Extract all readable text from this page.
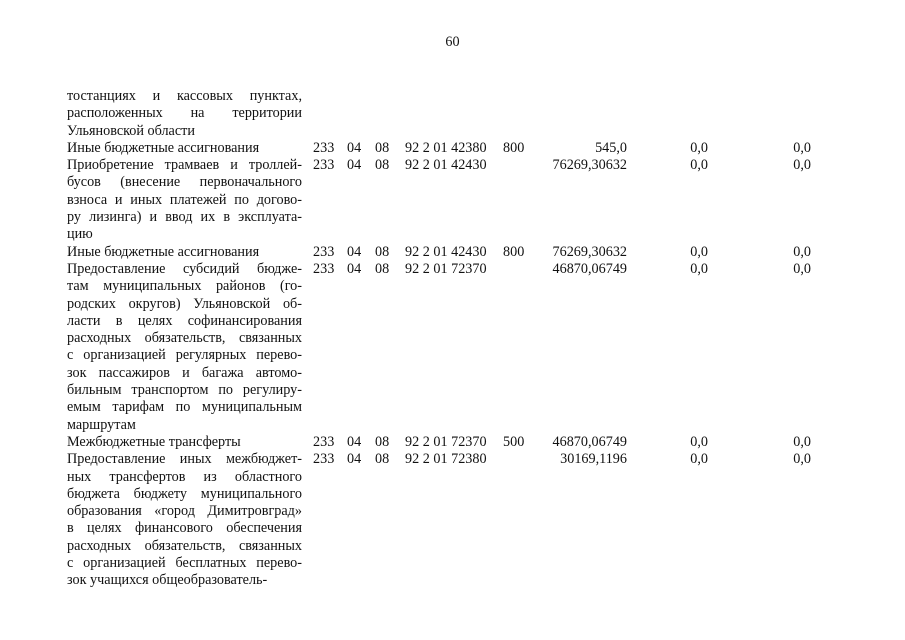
60
тостанциях и кассовых пунктах,
расположенных на территории
Ульяновской области
Иные бюджетные ассигнования	233 04 08 92 2 01 42380 800	545,0	0,0	0,0
Приобретение трамваев и троллей-
бусов (внесение первоначального
взноса и иных платежей по догово-
ру лизинга) и ввод их в эксплуата-
цию
233 04 08 92 2 01 42430	76269,30632	0,0	0,0
Иные бюджетные ассигнования	233 04 08 92 2 01 42430 800	76269,30632	0,0	0,0
Предоставление субсидий бюдже-
там муниципальных районов (го-
родских округов) Ульяновской об-
ласти в целях софинансирования
расходных обязательств, связанных
с организацией регулярных перево-
зок пассажиров и багажа автомо-
бильным транспортом по регулиру-
емым тарифам по муниципальным
маршрутам
233 04 08 92 2 01 72370	46870,06749	0,0	0,0
Межбюджетные трансферты	233 04 08 92 2 01 72370 500	46870,06749	0,0	0,0
Предоставление иных межбюджет-
ных трансфертов из областного
бюджета бюджету муниципального
образования «город Димитровград»
в целях финансового обеспечения
расходных обязательств, связанных
с организацией бесплатных перево-
зок учащихся общеобразователь-
233 04 08 92 2 01 72380	30169,1196	0,0	0,0
